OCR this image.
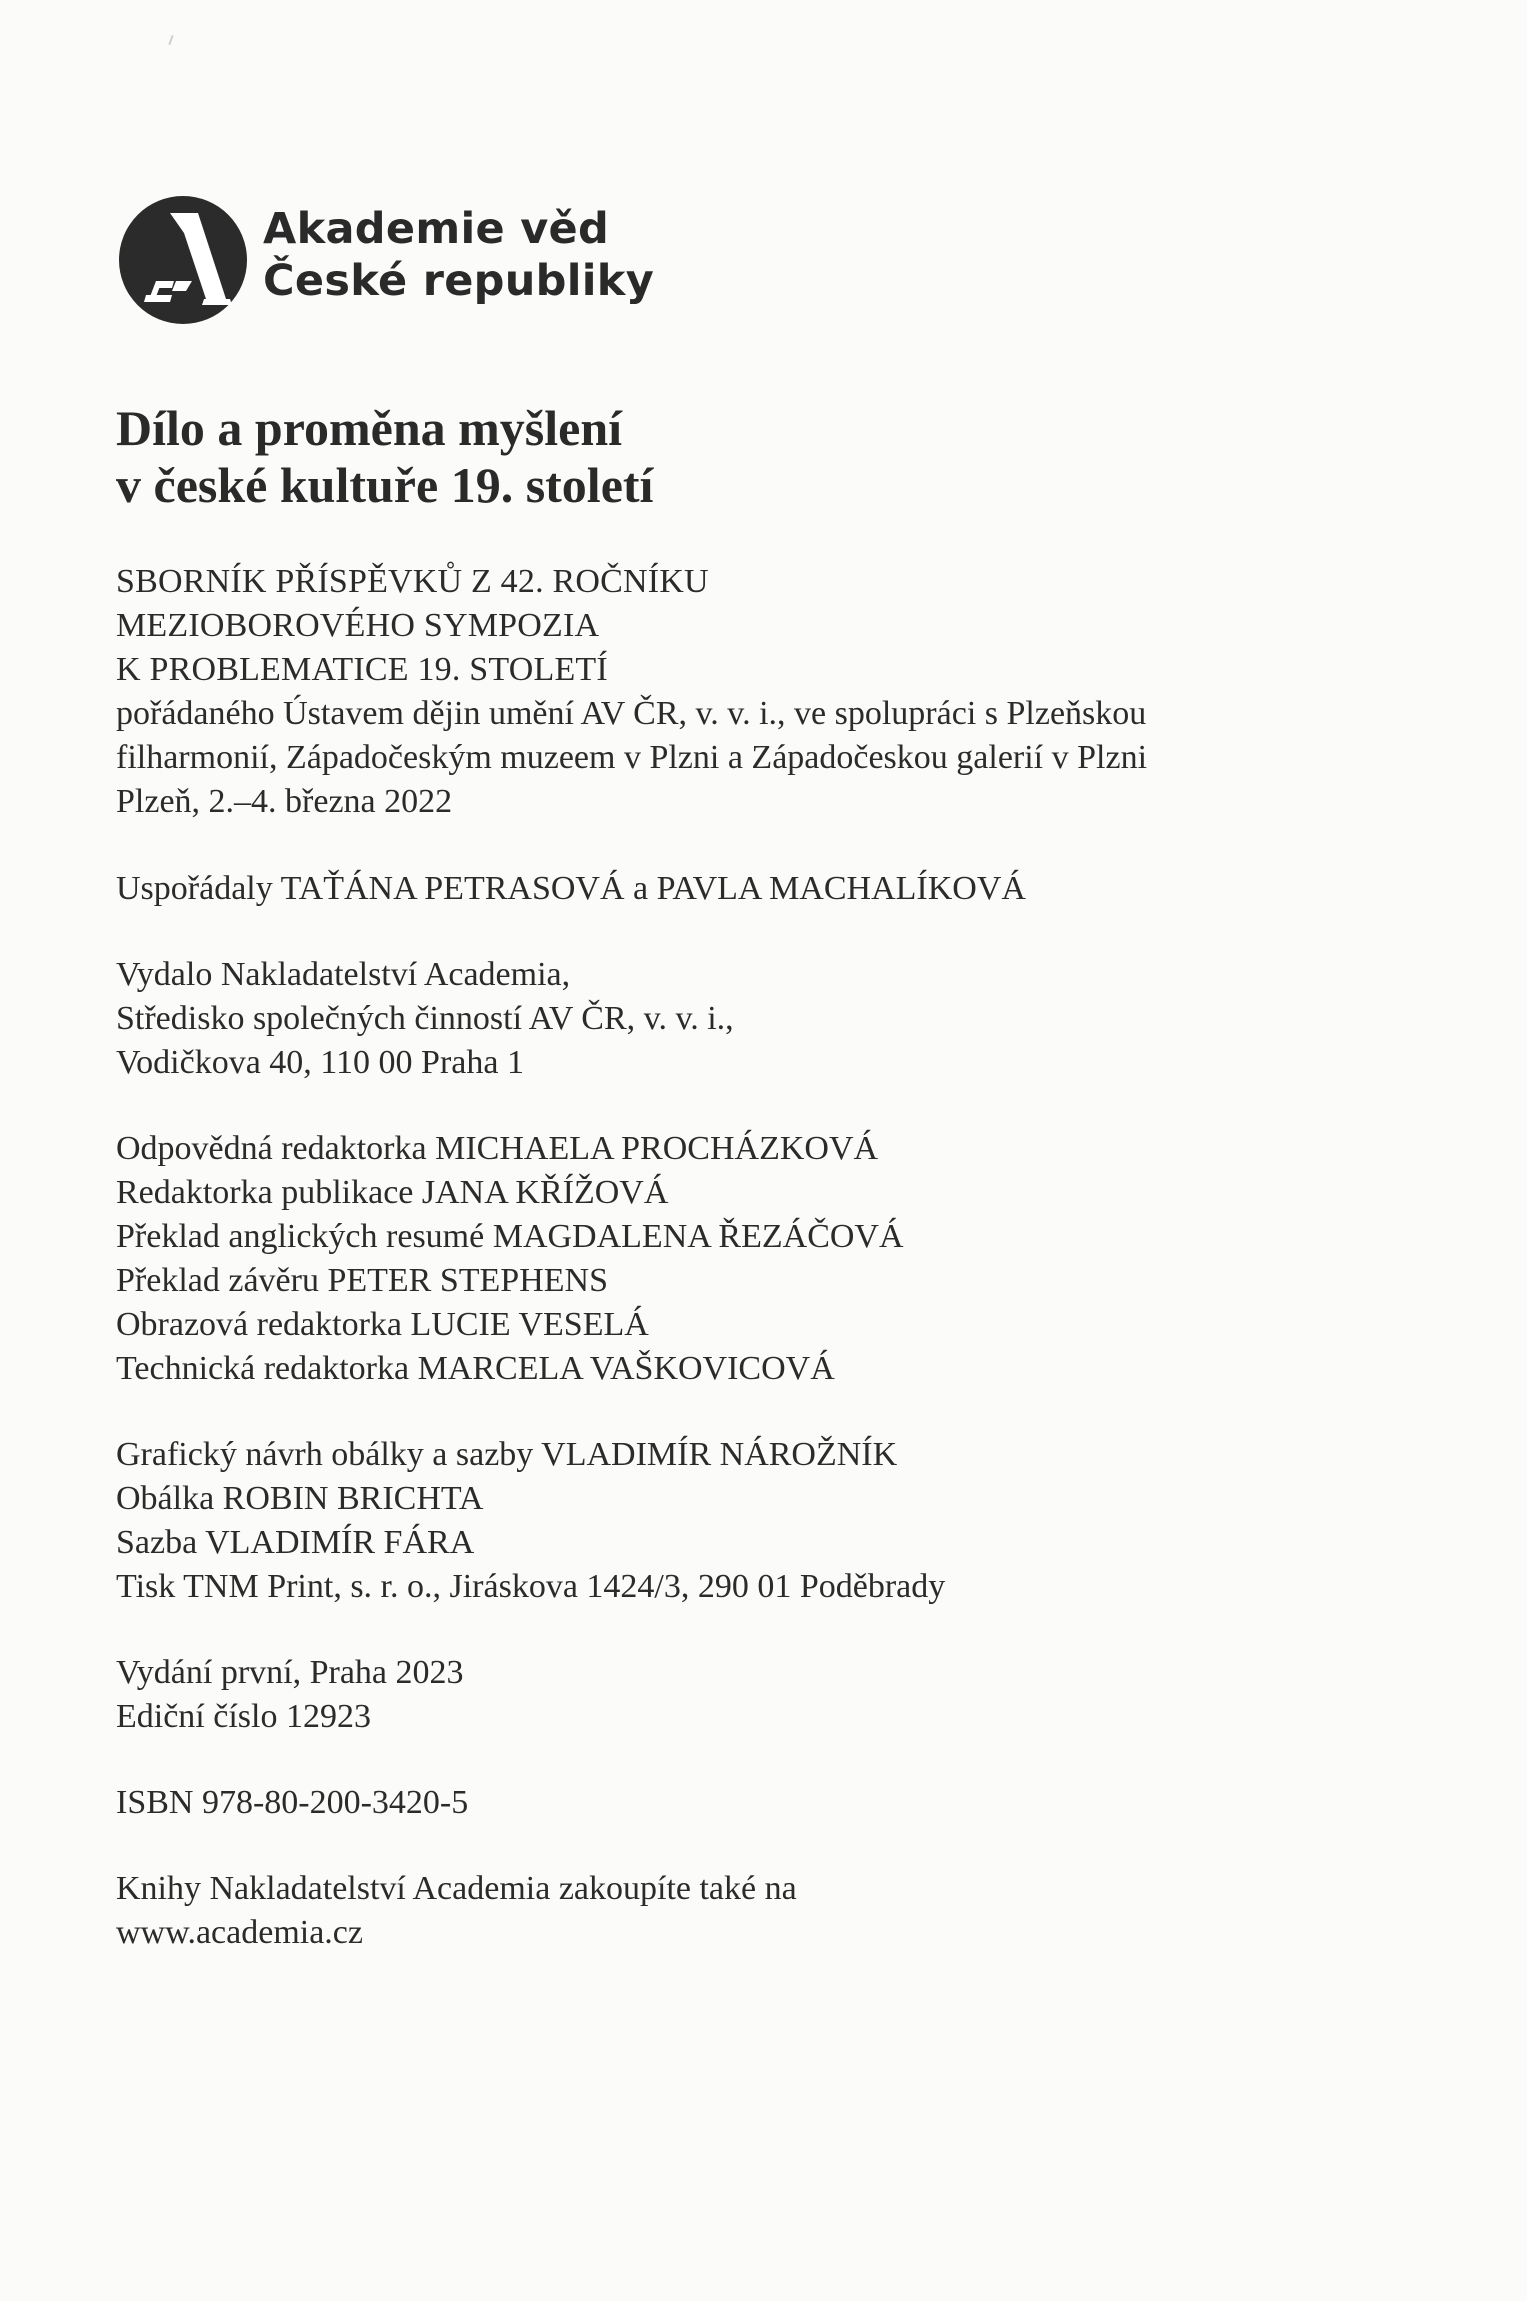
Akademie věd
České republiky
Dílo a proměna myšlení
v české kultuře 19. století
SBORNÍK PŘÍSPĚVKŮ Z 42. ROČNÍKU
MEZIOBOROVÉHO SYMPOZIA
K PROBLEMATICE 19. STOLETÍ
pořádaného Ústavem dějin umění AV ČR, v. v. i., ve spolupráci s Plzeňskou
filharmonií, Západočeským muzeem v Plzni a Západočeskou galerií v Plzni
Plzeň, 2.–4. března 2022
Uspořádaly TAŤÁNA PETRASOVÁ a PAVLA MACHALÍKOVÁ
Vydalo Nakladatelství Academia,
Středisko společných činností AV ČR, v. v. i.,
Vodičkova 40, 110 00 Praha 1
Odpovědná redaktorka MICHAELA PROCHÁZKOVÁ
Redaktorka publikace JANA KŘÍŽOVÁ
Překlad anglických resumé MAGDALENA ŘEZÁČOVÁ
Překlad závěru PETER STEPHENS
Obrazová redaktorka LUCIE VESELÁ
Technická redaktorka MARCELA VAŠKOVICOVÁ
Grafický návrh obálky a sazby VLADIMÍR NÁROŽNÍK
Obálka ROBIN BRICHTA
Sazba VLADIMÍR FÁRA
Tisk TNM Print, s. r. o., Jiráskova 1424/3, 290 01 Poděbrady
Vydání první, Praha 2023
Ediční číslo 12923
ISBN 978-80-200-3420-5
Knihy Nakladatelství Academia zakoupíte také na
www.academia.cz
